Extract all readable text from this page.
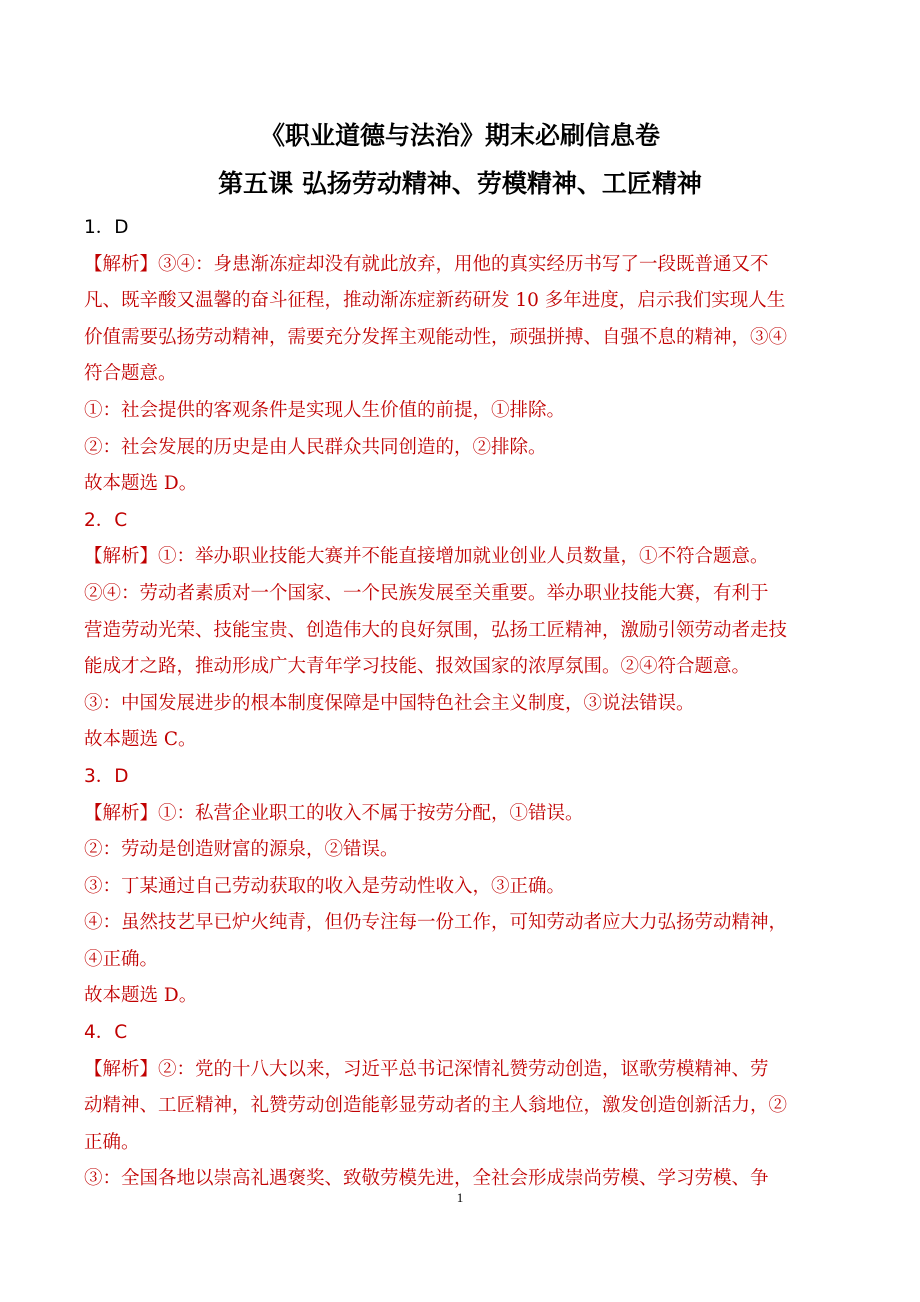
《职业道德与法治》期末必刷信息卷
第五课 弘扬劳动精神、劳模精神、工匠精神
1．D
【解析】③④：身患渐冻症却没有就此放弃，用他的真实经历书写了一段既普通又不
凡、既辛酸又温馨的奋斗征程，推动渐冻症新药研发 10 多年进度，启示我们实现人生
价值需要弘扬劳动精神，需要充分发挥主观能动性，顽强拼搏、自强不息的精神，③④
符合题意。
①：社会提供的客观条件是实现人生价值的前提，①排除。
②：社会发展的历史是由人民群众共同创造的，②排除。
故本题选 D。
2．C
【解析】①：举办职业技能大赛并不能直接增加就业创业人员数量，①不符合题意。
②④：劳动者素质对一个国家、一个民族发展至关重要。举办职业技能大赛，有利于
营造劳动光荣、技能宝贵、创造伟大的良好氛围，弘扬工匠精神，激励引领劳动者走技
能成才之路，推动形成广大青年学习技能、报效国家的浓厚氛围。②④符合题意。
③：中国发展进步的根本制度保障是中国特色社会主义制度，③说法错误。
故本题选 C。
3．D
【解析】①：私营企业职工的收入不属于按劳分配，①错误。
②：劳动是创造财富的源泉，②错误。
③：丁某通过自己劳动获取的收入是劳动性收入，③正确。
④：虽然技艺早已炉火纯青，但仍专注每一份工作，可知劳动者应大力弘扬劳动精神，
④正确。
故本题选 D。
4．C
【解析】②：党的十八大以来，习近平总书记深情礼赞劳动创造，讴歌劳模精神、劳
动精神、工匠精神，礼赞劳动创造能彰显劳动者的主人翁地位，激发创造创新活力，②
正确。
③：全国各地以崇高礼遇褒奖、致敬劳模先进，全社会形成崇尚劳模、学习劳模、争
1
